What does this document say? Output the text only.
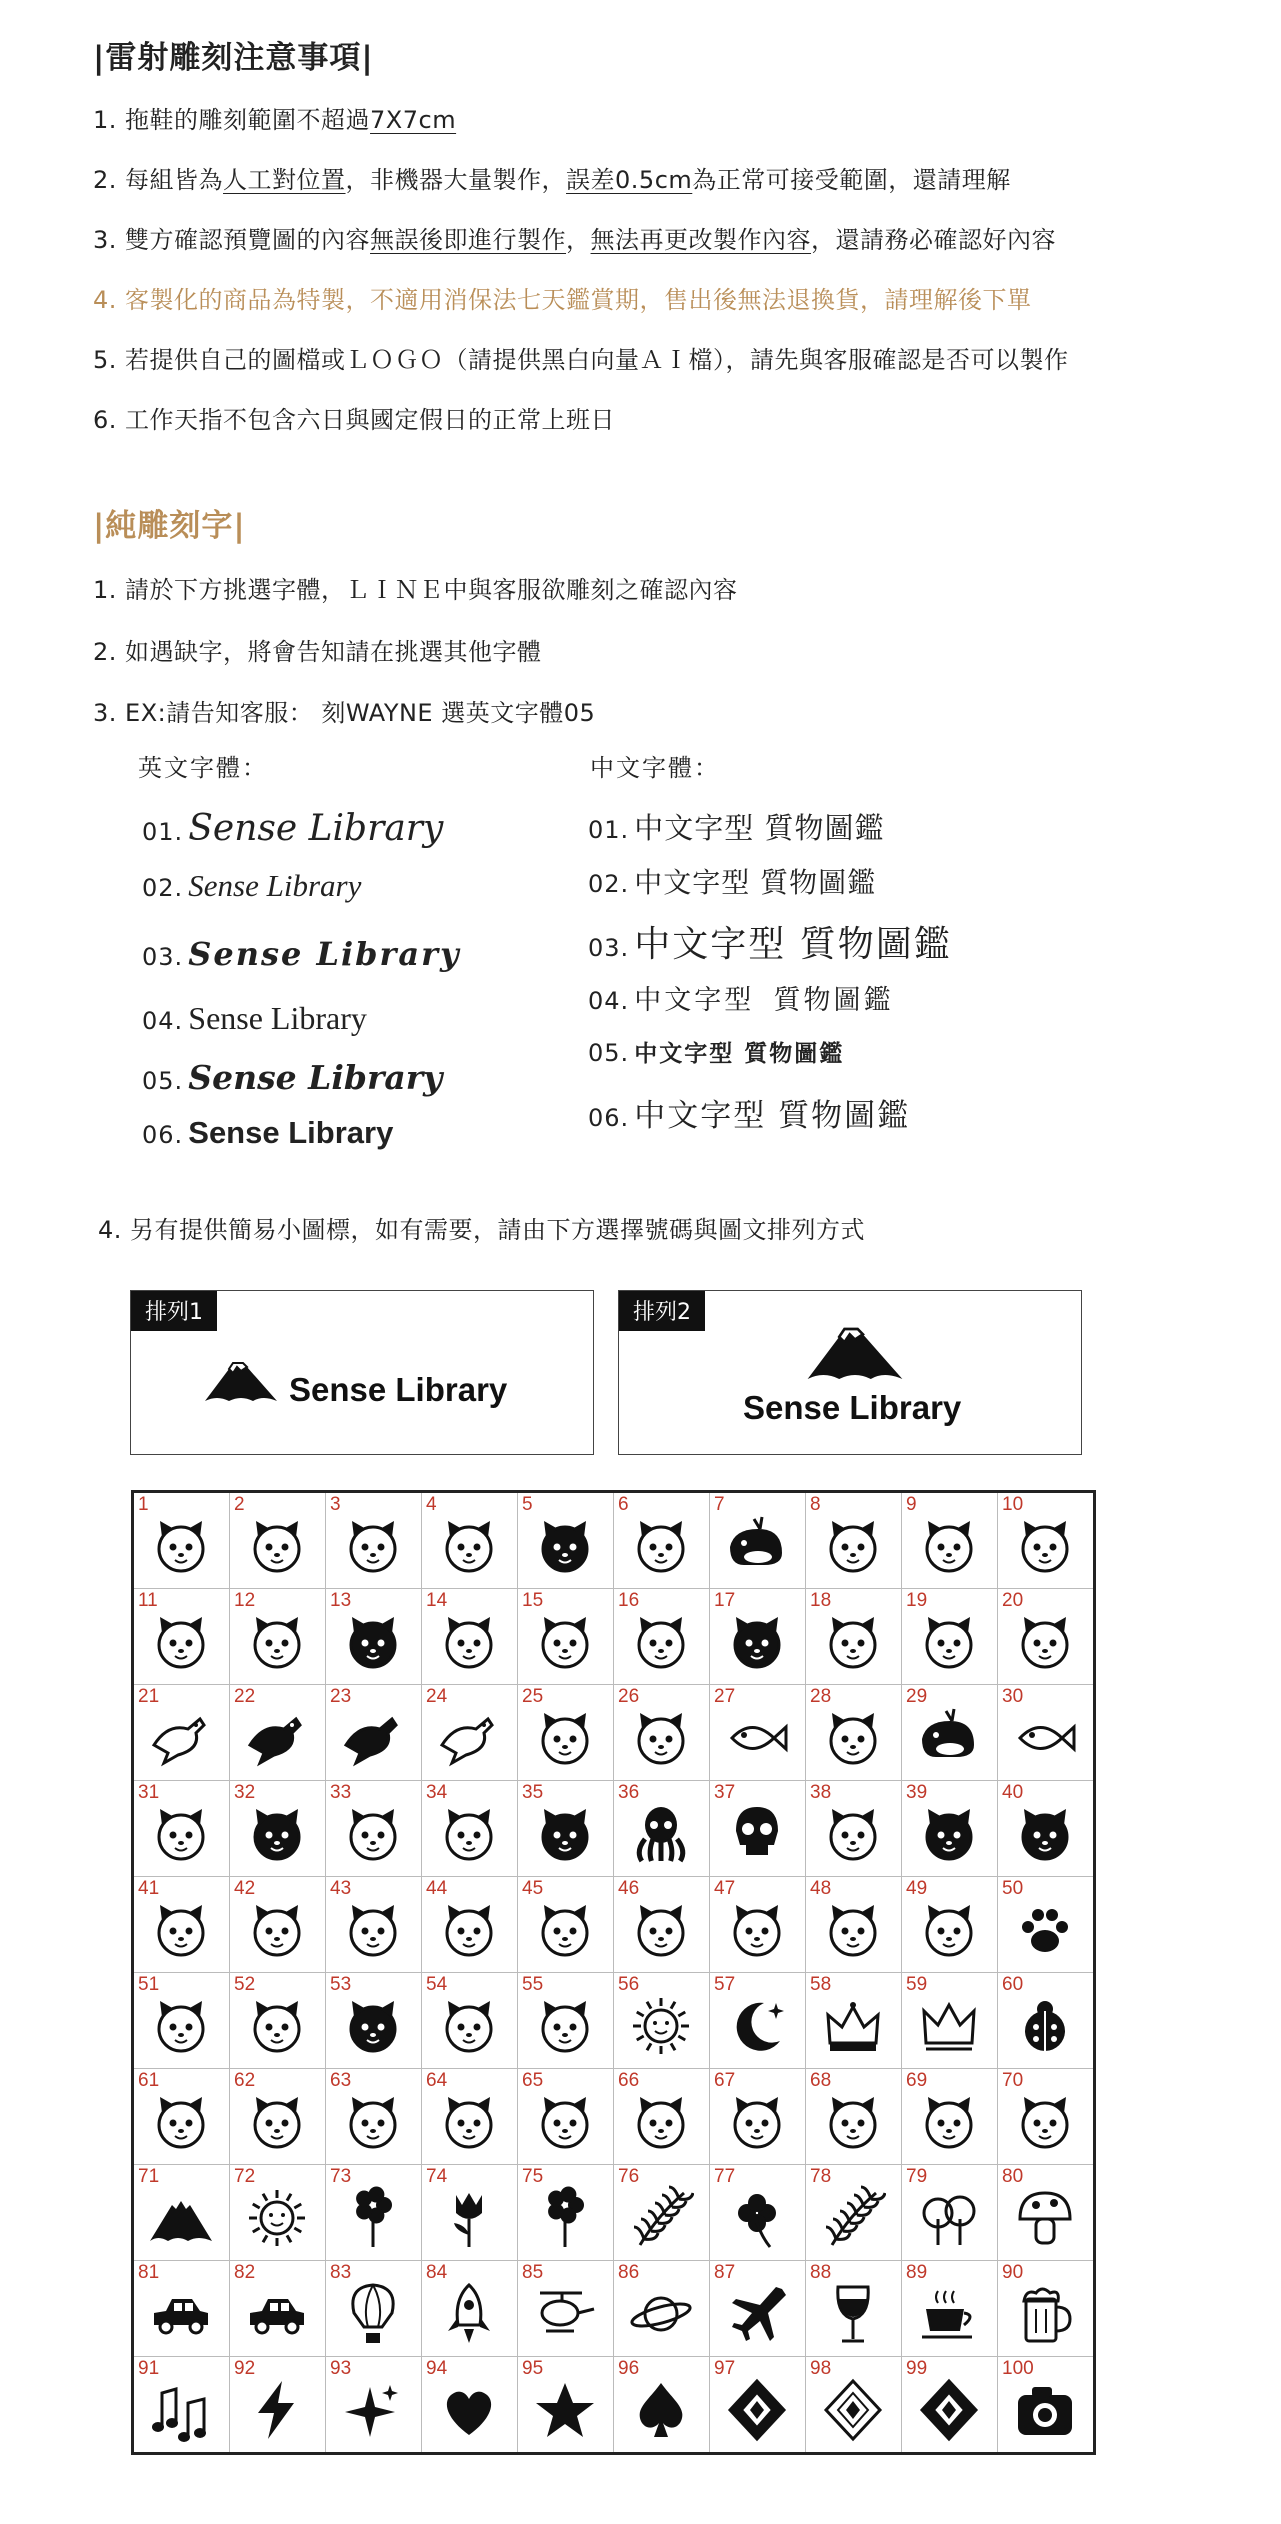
|雷射雕刻注意事項|
1. 拖鞋的雕刻範圍不超過7X7cm
2. 每組皆為人工對位置，非機器大量製作，誤差0.5cm為正常可接受範圍，還請理解
3. 雙方確認預覽圖的內容無誤後即進行製作，無法再更改製作內容，還請務必確認好內容
4. 客製化的商品為特製，不適用消保法七天鑑賞期，售出後無法退換貨，請理解後下單
5. 若提供自己的圖檔或ＬＯＧＯ（請提供黑白向量ＡＩ檔），請先與客服確認是否可以製作
6. 工作天指不包含六日與國定假日的正常上班日
|純雕刻字|
1. 請於下方挑選字體，ＬＩＮＥ中與客服欲雕刻之確認內容
2. 如遇缺字，將會告知請在挑選其他字體
3. EX:請告知客服： 刻WAYNE 選英文字體05
英文字體：	中文字體：
01. Sense Library
02. Sense Library
03. Sense Library
04. Sense Library
05. Sense Library
06. Sense Library
01. 中文字型 質物圖鑑
02. 中文字型 質物圖鑑
03. 中文字型 質物圖鑑
04. 中文字型 質物圖鑑
05. 中文字型 質物圖鑑
06. 中文字型 質物圖鑑
4. 另有提供簡易小圖標，如有需要，請由下方選擇號碼與圖文排列方式
排列1
Sense Library
排列2
Sense Library
1	2	3	4	5	6	7	8	9	10

11	12	13	14	15	16	17	18	19	20

21	22	23	24	25	26	27	28	29	30

31	32	33	34	35	36	37	38	39	40

41	42	43	44	45	46	47	48	49	50

51	52	53	54	55	56	57	58	59	60

61	62	63	64	65	66	67	68	69	70

71	72	73	74	75	76	77	78	79	80

81	82	83	84	85	86	87	88	89	90

91	92	93	94	95	96	97	98	99	100
